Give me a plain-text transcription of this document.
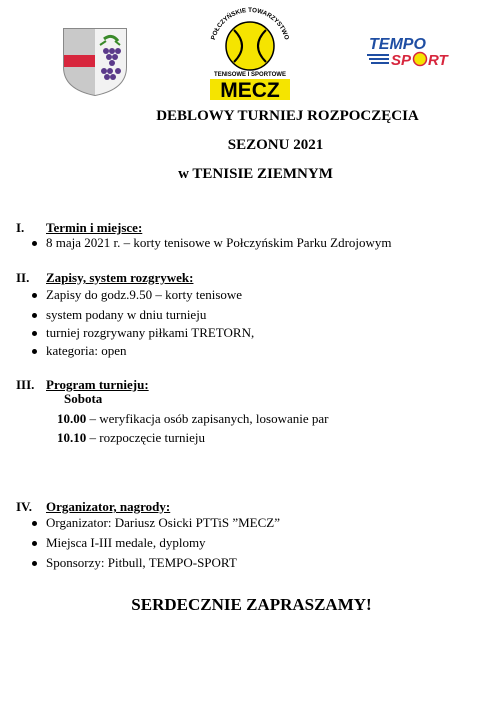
POŁCZYŃSKIE TOWARZYSTWO
TENISOWE I SPORTOWE
MECZ
TEMPO
SP RT
DEBLOWY TURNIEJ ROZPOCZĘCIA
SEZONU 2021
w TENISIE ZIEMNYM
I. Termin i miejsce:
8 maja 2021 r. – korty tenisowe w Połczyńskim Parku Zdrojowym
II. Zapisy, system rozgrywek:
Zapisy do godz.9.50 – korty tenisowe
system podany w dniu turnieju
turniej rozgrywany piłkami TRETORN,
kategoria: open
III. Program turnieju:
Sobota
10.00 – weryfikacja osób zapisanych, losowanie par
10.10 – rozpoczęcie turnieju
IV. Organizator, nagrody:
Organizator: Dariusz Osicki PTTiS ”MECZ”
Miejsca I-III medale, dyplomy
Sponsorzy: Pitbull, TEMPO-SPORT
SERDECZNIE ZAPRASZAMY!
